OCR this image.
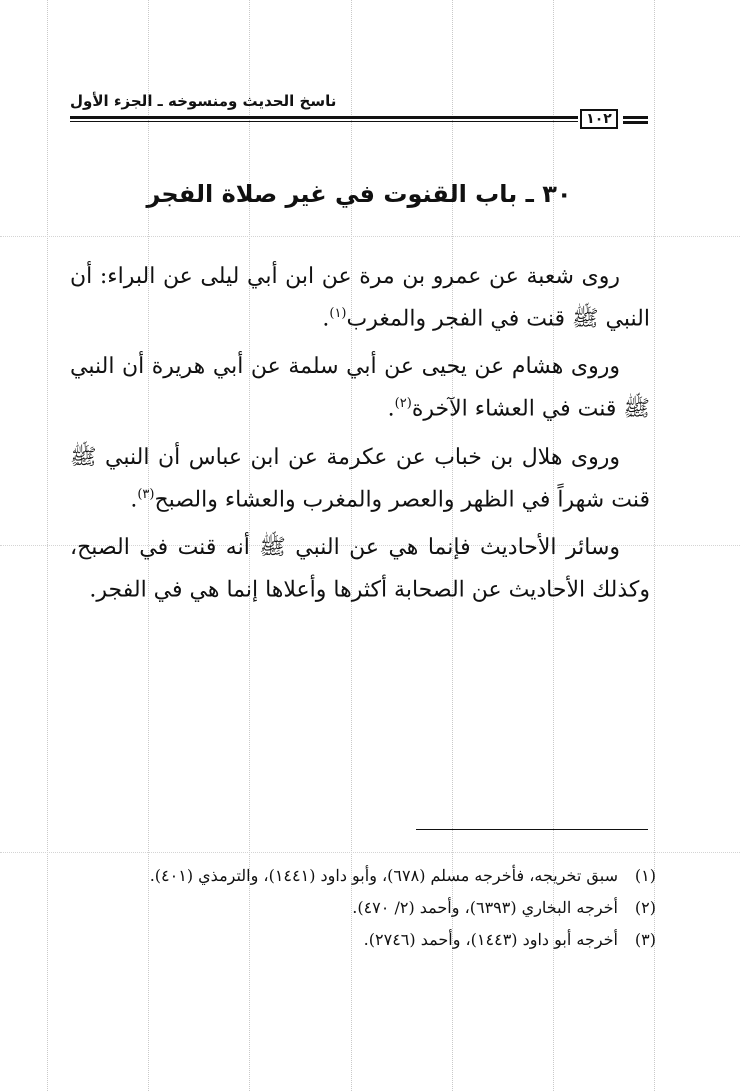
ناسخ الحديث ومنسوخه ـ الجزء الأول
١٠٢
٣٠ ـ باب القنوت في غير صلاة الفجر

روى شعبة عن عمرو بن مرة عن ابن أبي ليلى عن البراء: أن النبي ﷺ قنت في الفجر والمغرب$^{(١)}$.

وروى هشام عن يحيى عن أبي سلمة عن أبي هريرة أن النبي ﷺ قنت في العشاء الآخرة$^{(٢)}$.

وروى هلال بن خباب عن عكرمة عن ابن عباس أن النبي ﷺ قنت شهراً في الظهر والعصر والمغرب والعشاء والصبح$^{(٣)}$.

وسائر الأحاديث فإنما هي عن النبي ﷺ أنه قنت في الصبح، وكذلك الأحاديث عن الصحابة أكثرها وأعلاها إنما هي في الفجر.

(١)
سبق تخريجه، فأخرجه مسلم (٦٧٨)، وأبو داود (١٤٤١)، والترمذي (٤٠١).
(٢)
أخرجه البخاري (٦٣٩٣)، وأحمد (٢/ ٤٧٠).
(٣)
أخرجه أبو داود (١٤٤٣)، وأحمد (٢٧٤٦).
